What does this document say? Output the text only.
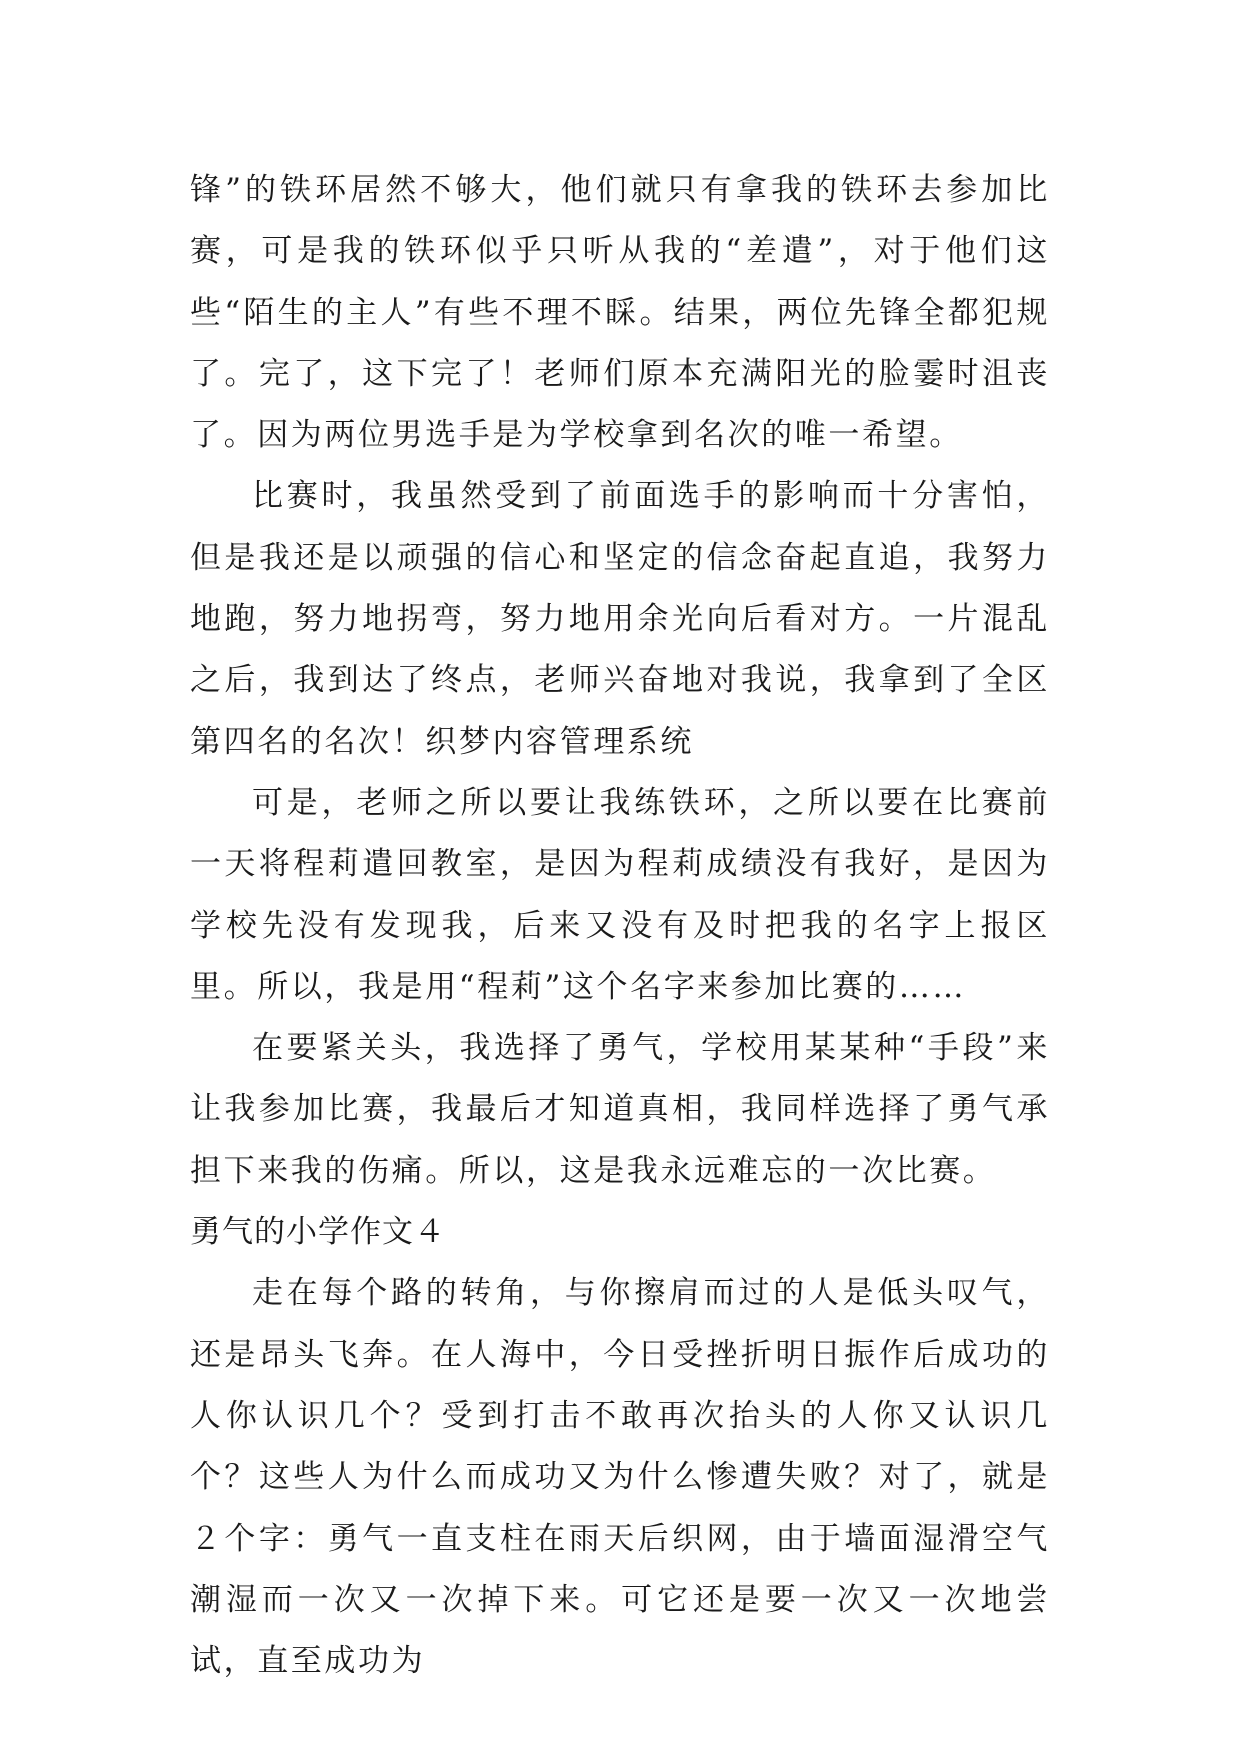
锋”的铁环居然不够大，他们就只有拿我的铁环去参加比赛，可是我的铁环似乎只听从我的“差遣”，对于他们这些“陌生的主人”有些不理不睬。结果，两位先锋全都犯规了。完了，这下完了！老师们原本充满阳光的脸霎时沮丧了。因为两位男选手是为学校拿到名次的唯一希望。

比赛时，我虽然受到了前面选手的影响而十分害怕，但是我还是以顽强的信心和坚定的信念奋起直追，我努力地跑，努力地拐弯，努力地用余光向后看对方。一片混乱之后，我到达了终点，老师兴奋地对我说，我拿到了全区第四名的名次！织梦内容管理系统

可是，老师之所以要让我练铁环，之所以要在比赛前一天将程莉遣回教室，是因为程莉成绩没有我好，是因为学校先没有发现我，后来又没有及时把我的名字上报区里。所以，我是用“程莉”这个名字来参加比赛的……

在要紧关头，我选择了勇气，学校用某某种“手段”来让我参加比赛，我最后才知道真相，我同样选择了勇气承担下来我的伤痛。所以，这是我永远难忘的一次比赛。

勇气的小学作文４

走在每个路的转角，与你擦肩而过的人是低头叹气，还是昂头飞奔。在人海中，今日受挫折明日振作后成功的人你认识几个？受到打击不敢再次抬头的人你又认识几个？这些人为什么而成功又为什么惨遭失败？对了，就是２个字：勇气一直支柱在雨天后织网，由于墙面湿滑空气潮湿而一次又一次掉下来。可它还是要一次又一次地尝试，直至成功为
